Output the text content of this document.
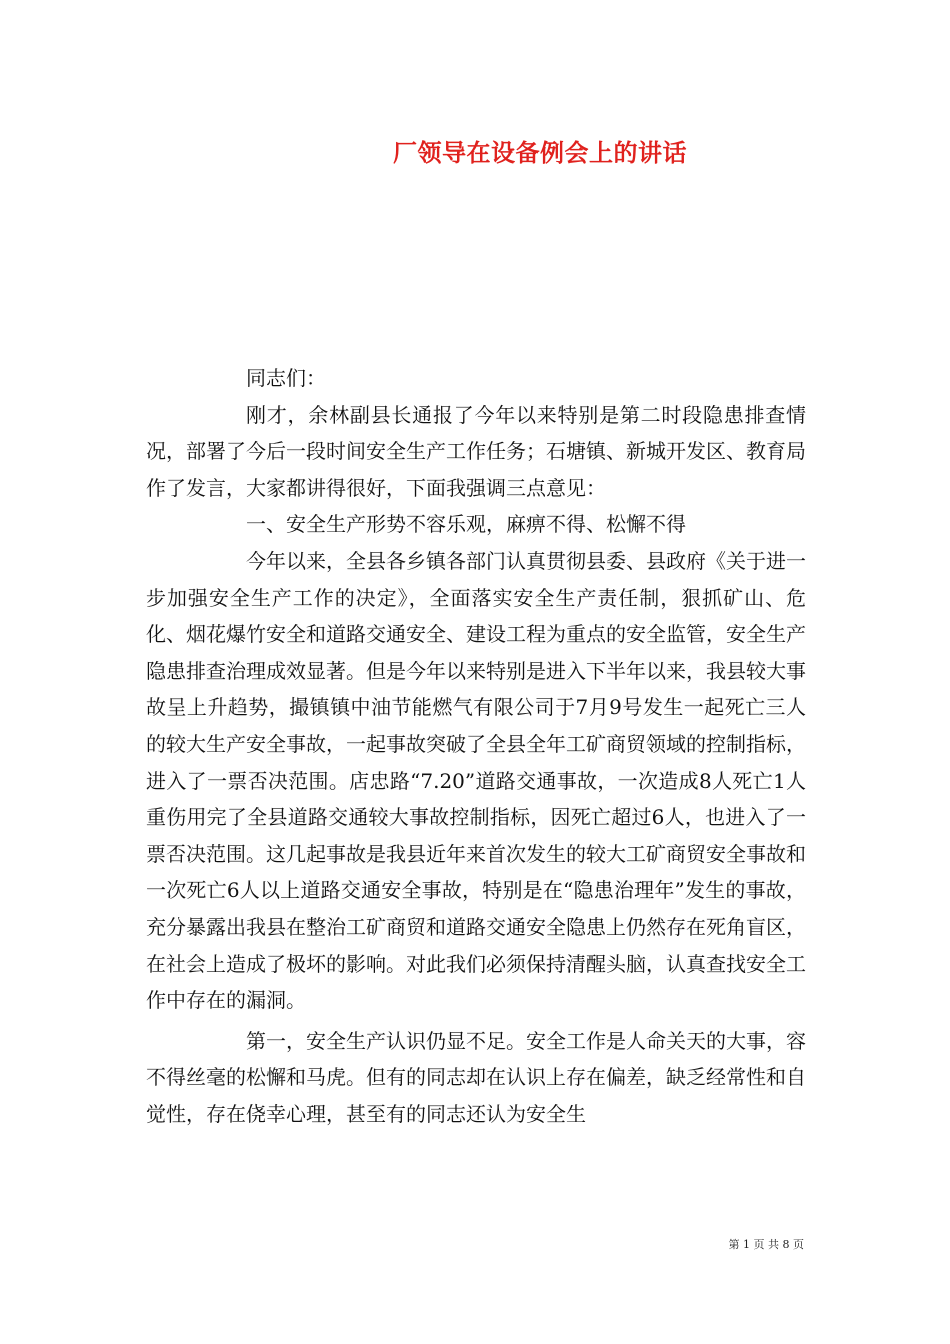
厂领导在设备例会上的讲话

同志们：

刚才，余林副县长通报了今年以来特别是第二时段隐患排查情况，部署了今后一段时间安全生产工作任务；石塘镇、新城开发区、教育局作了发言，大家都讲得很好，下面我强调三点意见：

一、安全生产形势不容乐观，麻痹不得、松懈不得

今年以来，全县各乡镇各部门认真贯彻县委、县政府《关于进一步加强安全生产工作的决定》，全面落实安全生产责任制，狠抓矿山、危化、烟花爆竹安全和道路交通安全、建设工程为重点的安全监管，安全生产隐患排查治理成效显著。但是今年以来特别是进入下半年以来，我县较大事故呈上升趋势，撮镇镇中油节能燃气有限公司于7月9号发生一起死亡三人的较大生产安全事故，一起事故突破了全县全年工矿商贸领域的控制指标，进入了一票否决范围。店忠路“7.20”道路交通事故，一次造成8人死亡1人重伤用完了全县道路交通较大事故控制指标，因死亡超过6人，也进入了一票否决范围。这几起事故是我县近年来首次发生的较大工矿商贸安全事故和一次死亡6人以上道路交通安全事故，特别是在“隐患治理年”发生的事故，充分暴露出我县在整治工矿商贸和道路交通安全隐患上仍然存在死角盲区，在社会上造成了极坏的影响。对此我们必须保持清醒头脑，认真查找安全工作中存在的漏洞。

第一，安全生产认识仍显不足。安全工作是人命关天的大事，容不得丝毫的松懈和马虎。但有的同志却在认识上存在偏差，缺乏经常性和自觉性，存在侥幸心理，甚至有的同志还认为安全生

第 1 页 共 8 页
